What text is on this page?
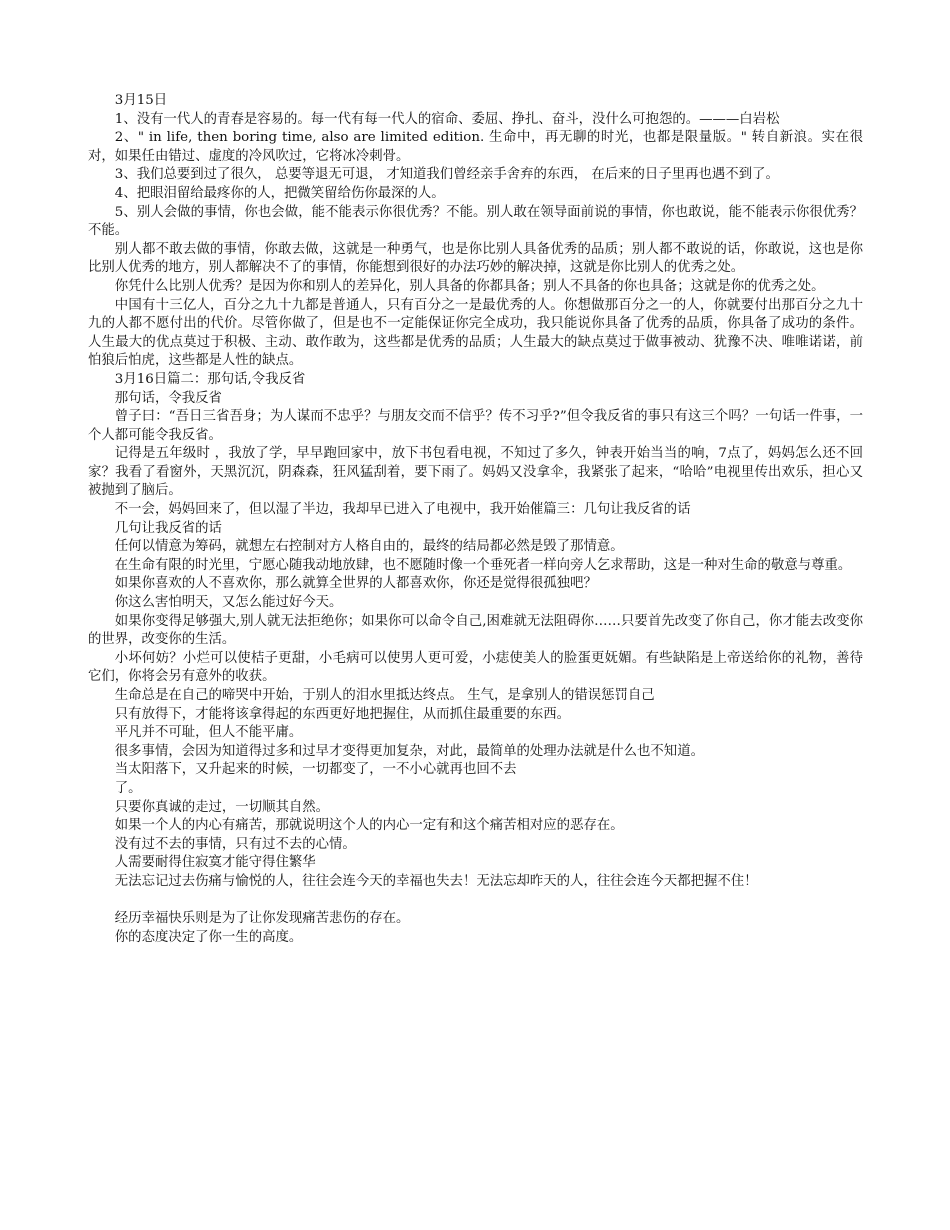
3月15日

1、没有一代人的青春是容易的。每一代有每一代人的宿命、委屈、挣扎、奋斗，没什么可抱怨的。———白岩松

2、" in life, then boring time, also are limited edition. 生命中，再无聊的时光，也都是限量版。" 转自新浪。实在很对，如果任由错过、虚度的冷风吹过，它将冰冷刺骨。

3、我们总要到过了很久， 总要等退无可退， 才知道我们曾经亲手舍弃的东西， 在后来的日子里再也遇不到了。

4、把眼泪留给最疼你的人，把微笑留给伤你最深的人。

5、别人会做的事情，你也会做，能不能表示你很优秀？不能。别人敢在领导面前说的事情，你也敢说，能不能表示你很优秀？不能。

别人都不敢去做的事情，你敢去做，这就是一种勇气，也是你比别人具备优秀的品质；别人都不敢说的话，你敢说，这也是你比别人优秀的地方，别人都解决不了的事情，你能想到很好的办法巧妙的解决掉，这就是你比别人的优秀之处。

你凭什么比别人优秀？是因为你和别人的差异化，别人具备的你都具备；别人不具备的你也具备；这就是你的优秀之处。

中国有十三亿人，百分之九十九都是普通人，只有百分之一是最优秀的人。你想做那百分之一的人，你就要付出那百分之九十九的人都不愿付出的代价。尽管你做了，但是也不一定能保证你完全成功，我只能说你具备了优秀的品质，你具备了成功的条件。人生最大的优点莫过于积极、主动、敢作敢为，这些都是优秀的品质；人生最大的缺点莫过于做事被动、犹豫不决、唯唯诺诺，前怕狼后怕虎，这些都是人性的缺点。

3月16日篇二：那句话,令我反省

那句话，令我反省

曾子曰：“吾日三省吾身；为人谋而不忠乎？与朋友交而不信乎？传不习乎?”但令我反省的事只有这三个吗？一句话一件事，一个人都可能令我反省。

记得是五年级时 ，我放了学，早早跑回家中，放下书包看电视，不知过了多久，钟表开始当当的响，7点了，妈妈怎么还不回家？我看了看窗外，天黑沉沉，阴森森，狂风猛刮着，要下雨了。妈妈又没拿伞，我紧张了起来，“哈哈”电视里传出欢乐，担心又被抛到了脑后。

不一会，妈妈回来了，但以湿了半边，我却早已进入了电视中，我开始催篇三：几句让我反省的话

几句让我反省的话

任何以情意为筹码，就想左右控制对方人格自由的，最终的结局都必然是毁了那情意。

在生命有限的时光里，宁愿心随我动地放肆，也不愿随时像一个垂死者一样向旁人乞求帮助，这是一种对生命的敬意与尊重。

如果你喜欢的人不喜欢你，那么就算全世界的人都喜欢你，你还是觉得很孤独吧？

你这么害怕明天，又怎么能过好今天。

如果你变得足够强大,别人就无法拒绝你；如果你可以命令自己,困难就无法阻碍你……只要首先改变了你自己，你才能去改变你的世界，改变你的生活。

小坏何妨？小烂可以使桔子更甜，小毛病可以使男人更可爱，小痣使美人的脸蛋更妩媚。有些缺陷是上帝送给你的礼物，善待它们，你将会另有意外的收获。

生命总是在自己的啼哭中开始，于别人的泪水里抵达终点。 生气，是拿别人的错误惩罚自己

只有放得下，才能将该拿得起的东西更好地把握住，从而抓住最重要的东西。

平凡并不可耻，但人不能平庸。

很多事情，会因为知道得过多和过早才变得更加复杂，对此，最简单的处理办法就是什么也不知道。

当太阳落下，又升起来的时候，一切都变了，一不小心就再也回不去

了。

只要你真诚的走过，一切顺其自然。

如果一个人的内心有痛苦，那就说明这个人的内心一定有和这个痛苦相对应的恶存在。

没有过不去的事情，只有过不去的心情。

人需要耐得住寂寞才能守得住繁华

无法忘记过去伤痛与愉悦的人，往往会连今天的幸福也失去！无法忘却昨天的人，往往会连今天都把握不住！

经历幸福快乐则是为了让你发现痛苦悲伤的存在。

你的态度决定了你一生的高度。
